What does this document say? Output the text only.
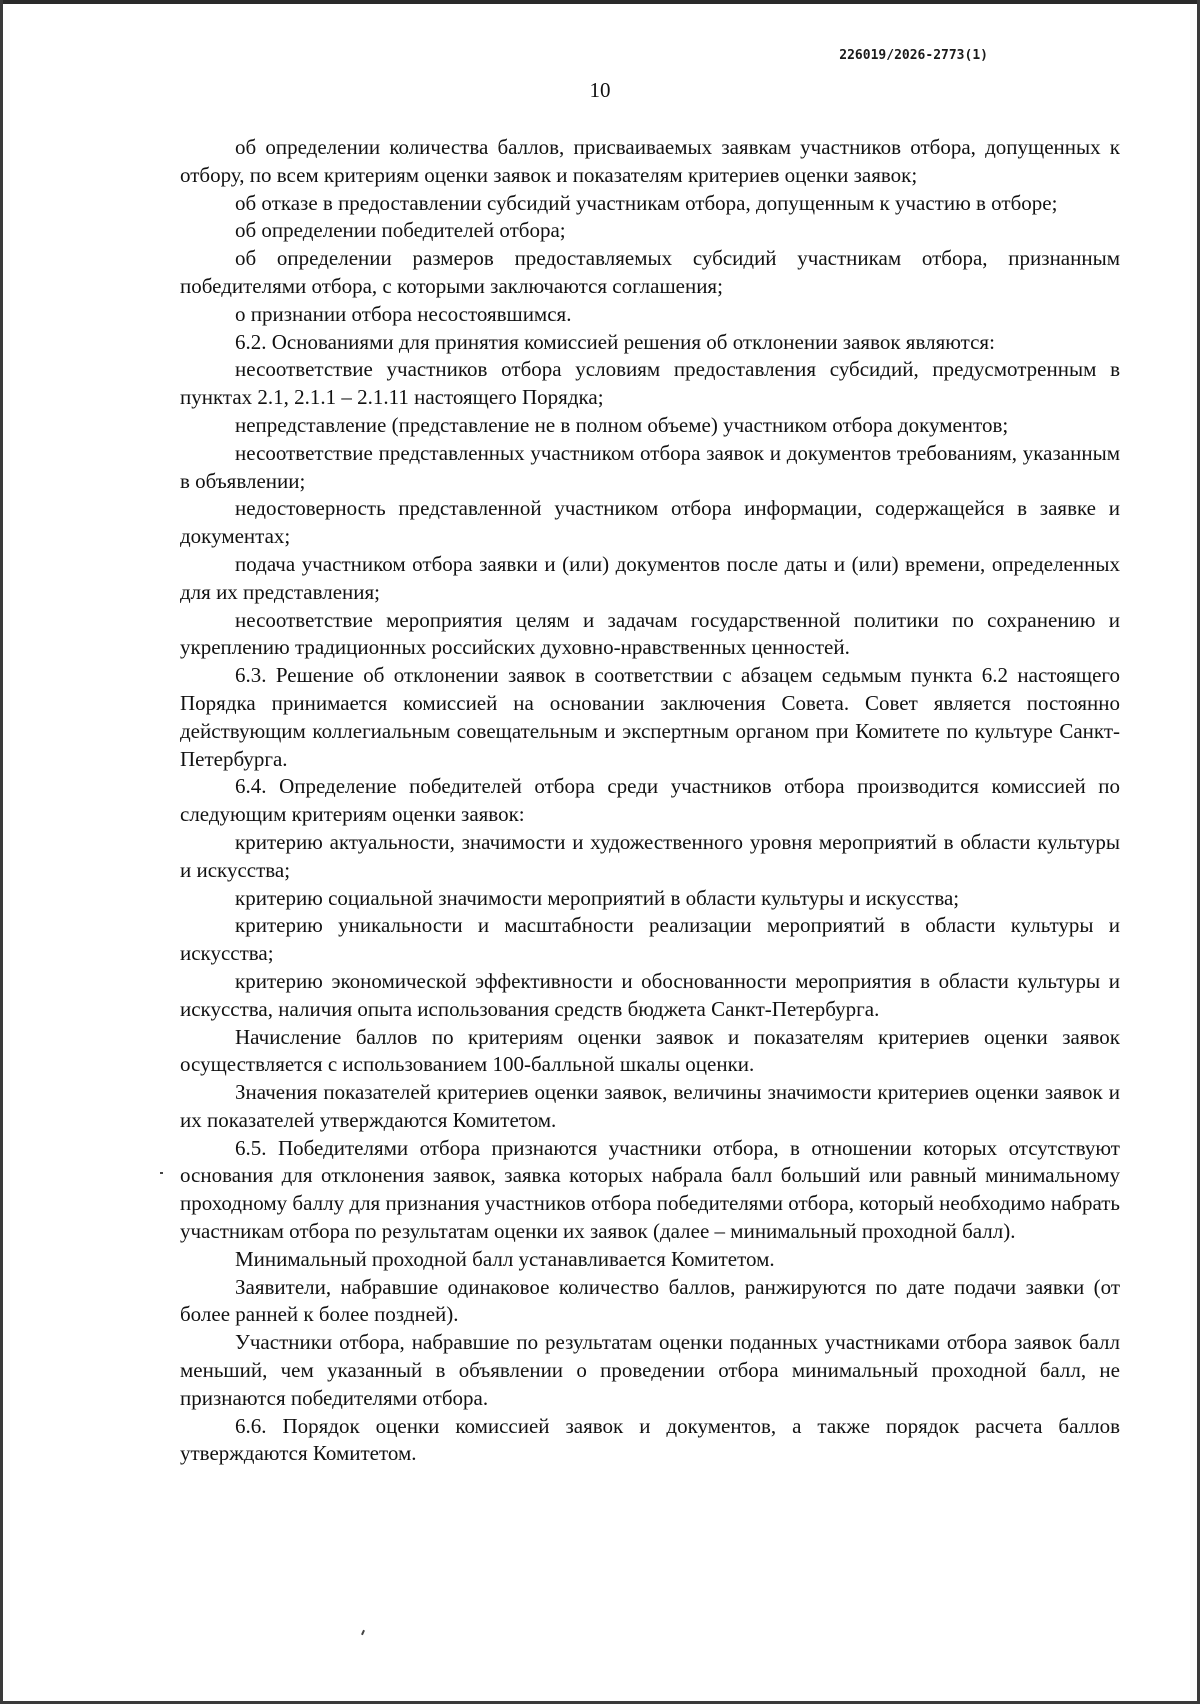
226019/2026-2773(1)
10

об определении количества баллов, присваиваемых заявкам участников отбора, допущенных к отбору, по всем критериям оценки заявок и показателям критериев оценки заявок;

об отказе в предоставлении субсидий участникам отбора, допущенным к участию в отборе;

об определении победителей отбора;

об определении размеров предоставляемых субсидий участникам отбора, признанным победителями отбора, с которыми заключаются соглашения;

о признании отбора несостоявшимся.

6.2. Основаниями для принятия комиссией решения об отклонении заявок являются:

несоответствие участников отбора условиям предоставления субсидий, предусмотренным в пунктах 2.1, 2.1.1 – 2.1.11 настоящего Порядка;

непредставление (представление не в полном объеме) участником отбора документов;

несоответствие представленных участником отбора заявок и документов требованиям, указанным в объявлении;

недостоверность представленной участником отбора информации, содержащейся в заявке и документах;

подача участником отбора заявки и (или) документов после даты и (или) времени, определенных для их представления;

несоответствие мероприятия целям и задачам государственной политики по сохранению и укреплению традиционных российских духовно-нравственных ценностей.

6.3. Решение об отклонении заявок в соответствии с абзацем седьмым пункта 6.2 настоящего Порядка принимается комиссией на основании заключения Совета. Совет является постоянно действующим коллегиальным совещательным и экспертным органом при Комитете по культуре Санкт-Петербурга.

6.4. Определение победителей отбора среди участников отбора производится комиссией по следующим критериям оценки заявок:

критерию актуальности, значимости и художественного уровня мероприятий в области культуры и искусства;

критерию социальной значимости мероприятий в области культуры и искусства;

критерию уникальности и масштабности реализации мероприятий в области культуры и искусства;

критерию экономической эффективности и обоснованности мероприятия в области культуры и искусства, наличия опыта использования средств бюджета Санкт-Петербурга.

Начисление баллов по критериям оценки заявок и показателям критериев оценки заявок осуществляется с использованием 100-балльной шкалы оценки.

Значения показателей критериев оценки заявок, величины значимости критериев оценки заявок и их показателей утверждаются Комитетом.

6.5. Победителями отбора признаются участники отбора, в отношении которых отсутствуют основания для отклонения заявок, заявка которых набрала балл больший или равный минимальному проходному баллу для признания участников отбора победителями отбора, который необходимо набрать участникам отбора по результатам оценки их заявок (далее – минимальный проходной балл).

Минимальный проходной балл устанавливается Комитетом.

Заявители, набравшие одинаковое количество баллов, ранжируются по дате подачи заявки (от более ранней к более поздней).

Участники отбора, набравшие по результатам оценки поданных участниками отбора заявок балл меньший, чем указанный в объявлении о проведении отбора минимальный проходной балл, не признаются победителями отбора.

6.6. Порядок оценки комиссией заявок и документов, а также порядок расчета баллов утверждаются Комитетом.
